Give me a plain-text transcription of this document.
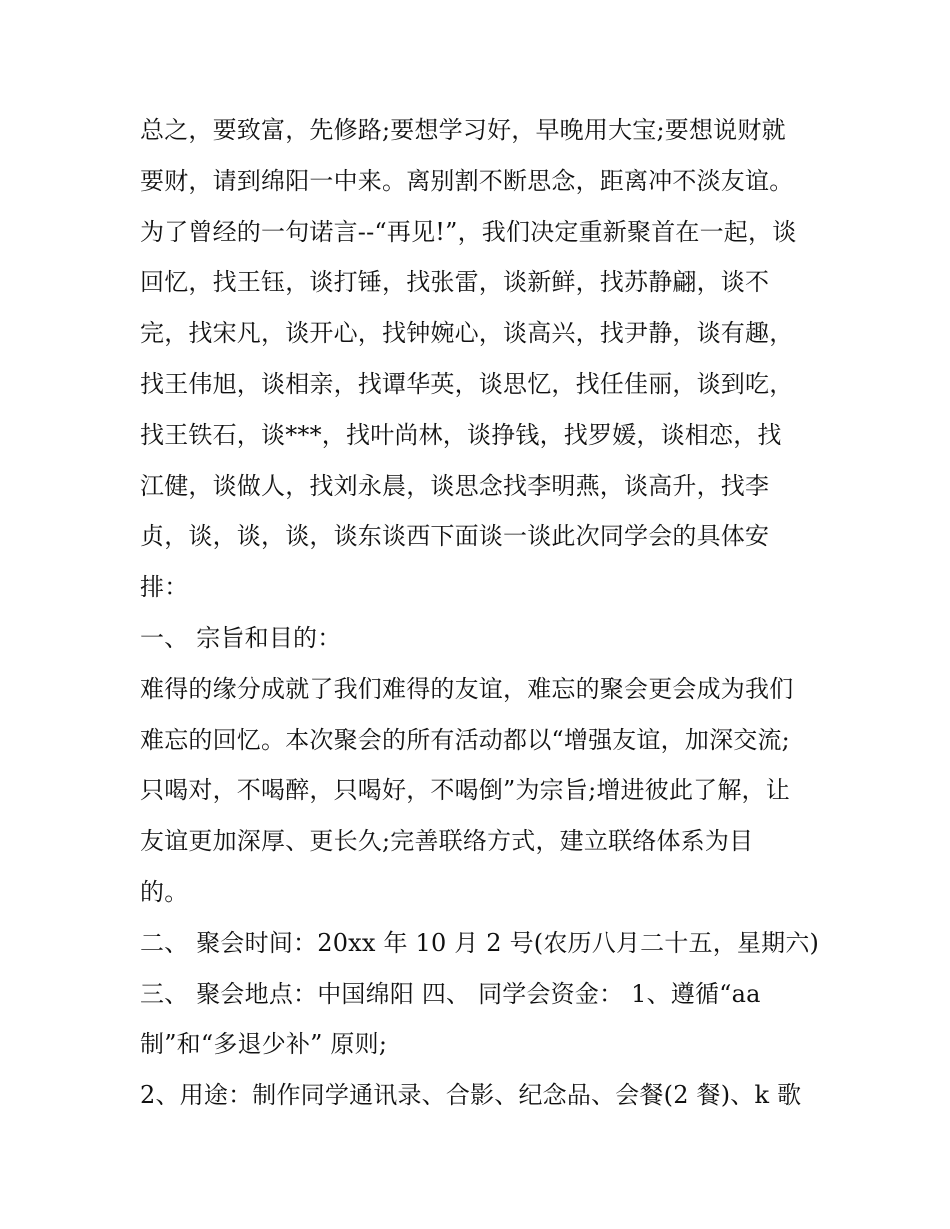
总之，要致富，先修路;要想学习好，早晚用大宝;要想说财就
要财，请到绵阳一中来。离别割不断思念，距离冲不淡友谊。
为了曾经的一句诺言--“再见!”，我们决定重新聚首在一起，谈
回忆，找王钰，谈打锤，找张雷，谈新鲜，找苏静翩，谈不
完，找宋凡，谈开心，找钟婉心，谈高兴，找尹静，谈有趣，
找王伟旭，谈相亲，找谭华英，谈思忆，找任佳丽，谈到吃，
找王铁石，谈***，找叶尚林，谈挣钱，找罗媛，谈相恋，找
江健，谈做人，找刘永晨，谈思念找李明燕，谈高升，找李
贞，谈，谈，谈，谈东谈西下面谈一谈此次同学会的具体安
排：
一、 宗旨和目的：
难得的缘分成就了我们难得的友谊，难忘的聚会更会成为我们
难忘的回忆。本次聚会的所有活动都以“增强友谊，加深交流;
只喝对，不喝醉，只喝好，不喝倒”为宗旨;增进彼此了解，让
友谊更加深厚、更长久;完善联络方式，建立联络体系为目
的。
二、 聚会时间：20xx 年 10 月 2 号(农历八月二十五，星期六)
三、 聚会地点：中国绵阳 四、 同学会资金： 1、遵循“aa
制”和“多退少补” 原则;
2、用途：制作同学通讯录、合影、纪念品、会餐(2 餐)、k 歌
